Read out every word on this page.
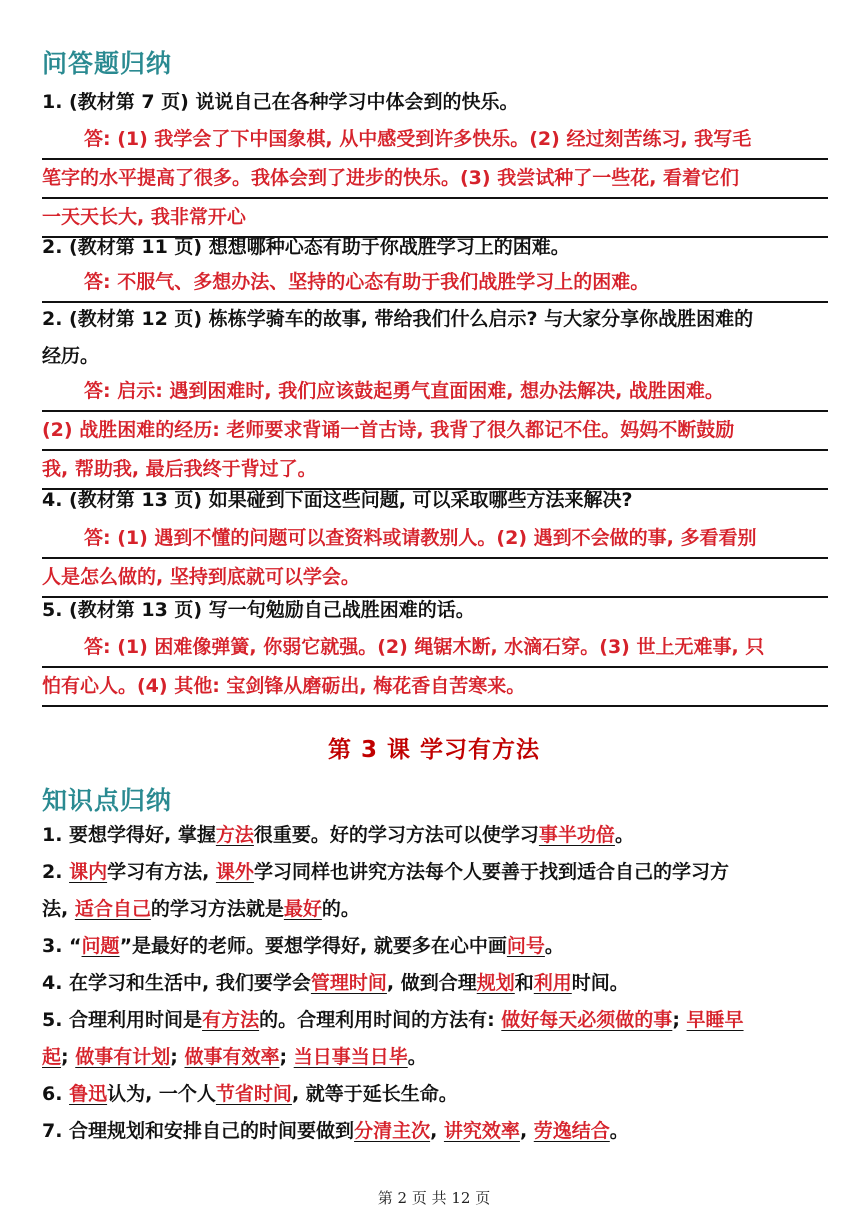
问答题归纳
1. (教材第 7 页) 说说自己在各种学习中体会到的快乐。
答: (1) 我学会了下中国象棋, 从中感受到许多快乐。(2) 经过刻苦练习, 我写毛
笔字的水平提高了很多。我体会到了进步的快乐。(3) 我尝试种了一些花, 看着它们
一天天长大, 我非常开心
2. (教材第 11 页) 想想哪种心态有助于你战胜学习上的困难。
答: 不服气、多想办法、坚持的心态有助于我们战胜学习上的困难。
2. (教材第 12 页) 栋栋学骑车的故事, 带给我们什么启示? 与大家分享你战胜困难的
经历。
答: 启示: 遇到困难时, 我们应该鼓起勇气直面困难, 想办法解决, 战胜困难。
(2) 战胜困难的经历: 老师要求背诵一首古诗, 我背了很久都记不住。妈妈不断鼓励
我, 帮助我, 最后我终于背过了。
4. (教材第 13 页) 如果碰到下面这些问题, 可以采取哪些方法来解决?
答: (1) 遇到不懂的问题可以查资料或请教别人。(2) 遇到不会做的事, 多看看别
人是怎么做的, 坚持到底就可以学会。
5. (教材第 13 页) 写一句勉励自己战胜困难的话。
答: (1) 困难像弹簧, 你弱它就强。(2) 绳锯木断, 水滴石穿。(3) 世上无难事, 只
怕有心人。(4) 其他: 宝剑锋从磨砺出, 梅花香自苦寒来。
第 3 课 学习有方法
知识点归纳
1. 要想学得好, 掌握方法很重要。好的学习方法可以使学习事半功倍。
2. 课内学习有方法, 课外学习同样也讲究方法每个人要善于找到适合自己的学习方
法, 适合自己的学习方法就是最好的。
3. “问题”是最好的老师。要想学得好, 就要多在心中画问号。
4. 在学习和生活中, 我们要学会管理时间, 做到合理规划和利用时间。
5. 合理利用时间是有方法的。合理利用时间的方法有: 做好每天必须做的事; 早睡早
起; 做事有计划; 做事有效率; 当日事当日毕。
6. 鲁迅认为, 一个人节省时间, 就等于延长生命。
7. 合理规划和安排自己的时间要做到分清主次, 讲究效率, 劳逸结合。
第 2 页 共 12 页
